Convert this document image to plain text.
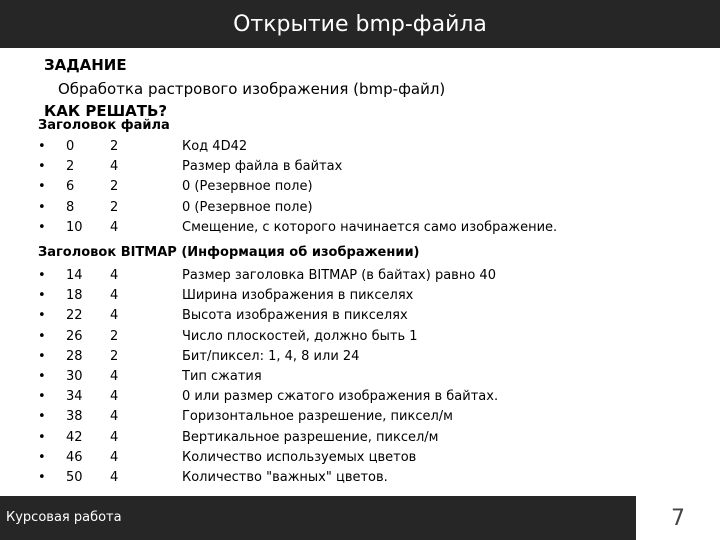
Открытие bmp-файла
ЗАДАНИЕ
Обработка растрового изображения (bmp-файл)
КАК РЕШАТЬ?
Заголовок файла
• 0	2	Код 4D42
• 2	4	Размер файла в байтах
• 6	2	0 (Резервное поле)
• 8	2	0 (Резервное поле)
• 10 4	Смещение, с которого начинается само изображение.
Заголовок BITMAP (Информация об изображении)
• 14 4	Размер заголовка BITMAP (в байтах) равно 40
• 18 4	Ширина изображения в пикселях
• 22 4	Высота изображения в пикселях
• 26 2	Число плоскостей, должно быть 1
• 28 2	Бит/пиксел: 1, 4, 8 или 24
• 30 4	Тип сжатия
• 34 4	0 или размер сжатого изображения в байтах.
• 38 4	Горизонтальное разрешение, пиксел/м
• 42 4	Вертикальное разрешение, пиксел/м
• 46 4	Количество используемых цветов
• 50 4	Количество "важных" цветов.
Курсовая работа	7
